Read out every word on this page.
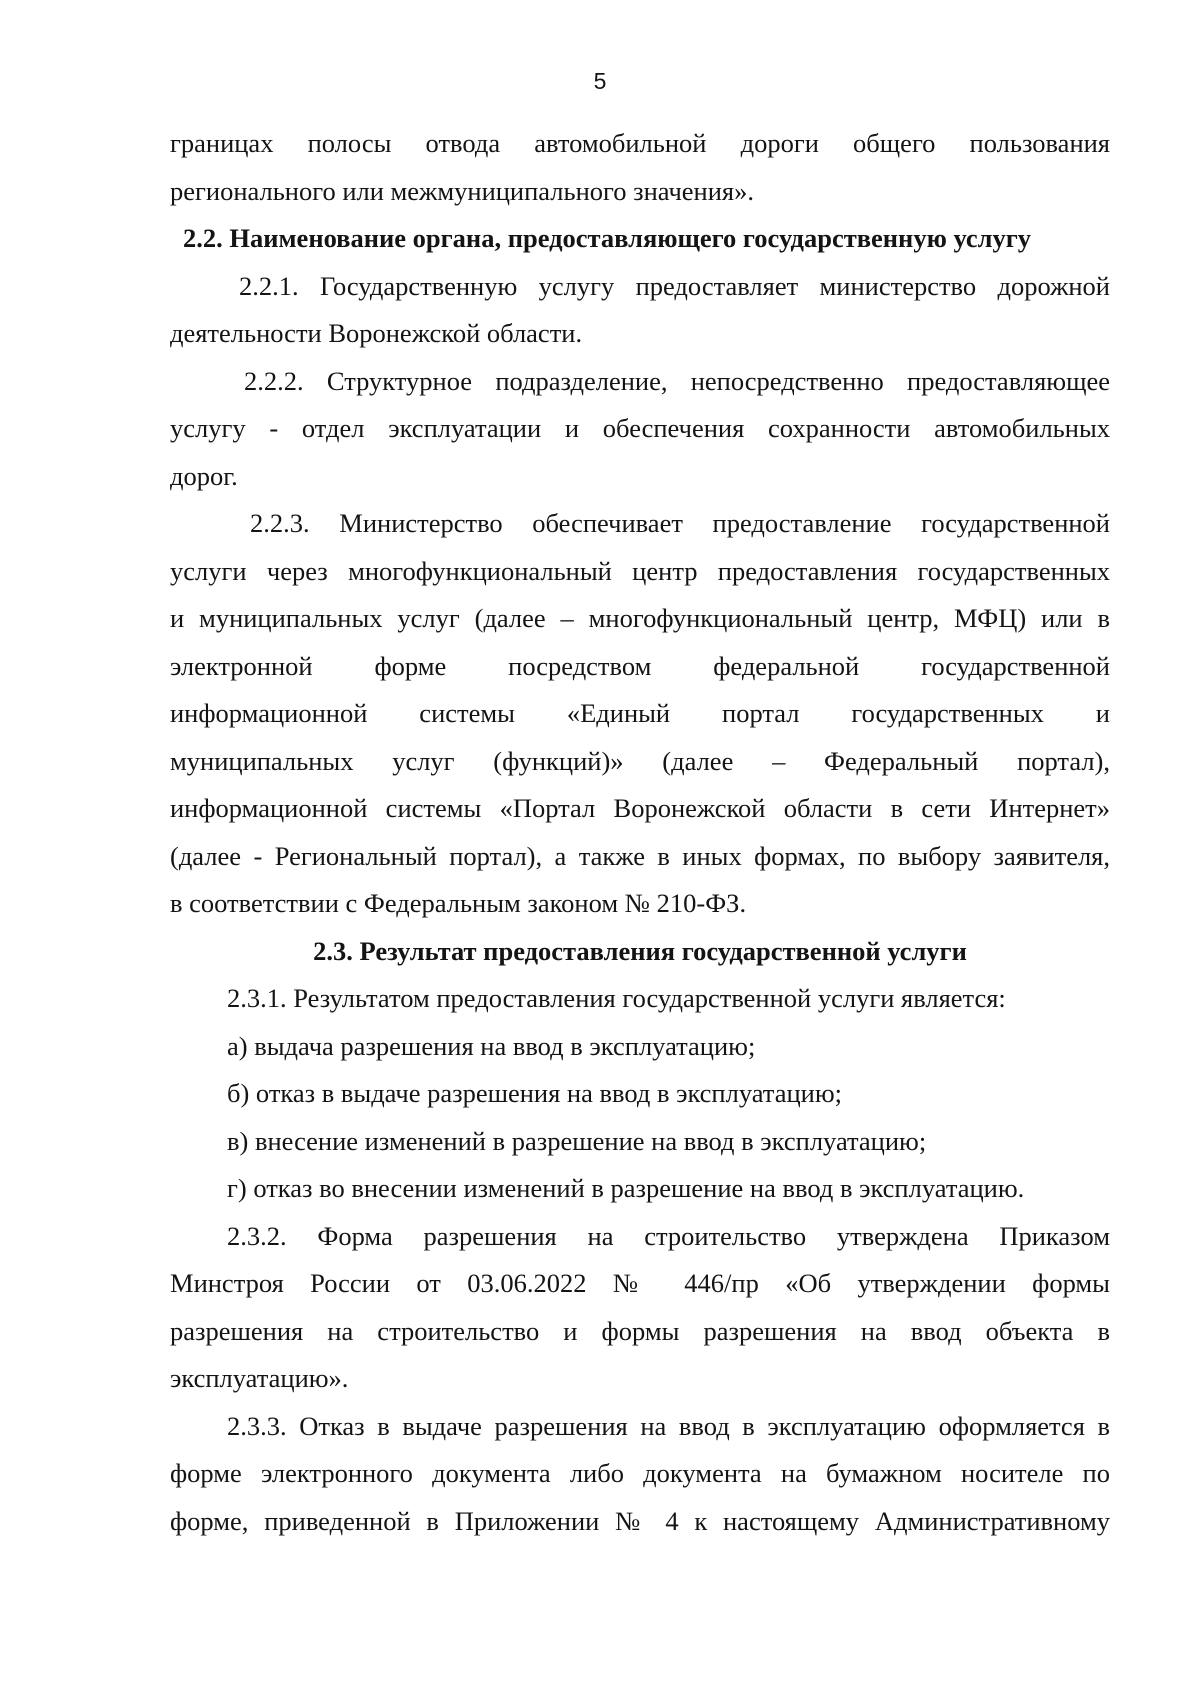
5

границах полосы отвода автомобильной дороги общего пользования

регионального или межмуниципального значения».

2.2. Наименование органа, предоставляющего государственную услугу

2.2.1. Государственную услугу предоставляет министерство дорожной

деятельности Воронежской области.

2.2.2. Структурное подразделение, непосредственно предоставляющее

услугу - отдел эксплуатации и обеспечения сохранности автомобильных

дорог.

2.2.3. Министерство обеспечивает предоставление государственной

услуги через многофункциональный центр предоставления государственных

и муниципальных услуг (далее – многофункциональный центр, МФЦ) или в

электронной форме посредством федеральной государственной

информационной системы «Единый портал государственных и

муниципальных услуг (функций)» (далее – Федеральный портал),

информационной системы «Портал Воронежской области в сети Интернет»

(далее - Региональный портал), а также в иных формах, по выбору заявителя,

в соответствии с Федеральным законом № 210-ФЗ.

2.3. Результат предоставления государственной услуги

2.3.1. Результатом предоставления государственной услуги является:

а) выдача разрешения на ввод в эксплуатацию;

б) отказ в выдаче разрешения на ввод в эксплуатацию;

в) внесение изменений в разрешение на ввод в эксплуатацию;

г) отказ во внесении изменений в разрешение на ввод в эксплуатацию.

2.3.2. Форма разрешения на строительство утверждена Приказом

Минстроя России от 03.06.2022 № 446/пр «Об утверждении формы

разрешения на строительство и формы разрешения на ввод объекта в

эксплуатацию».

2.3.3. Отказ в выдаче разрешения на ввод в эксплуатацию оформляется в

форме электронного документа либо документа на бумажном носителе по

форме, приведенной в Приложении № 4 к настоящему Административному
